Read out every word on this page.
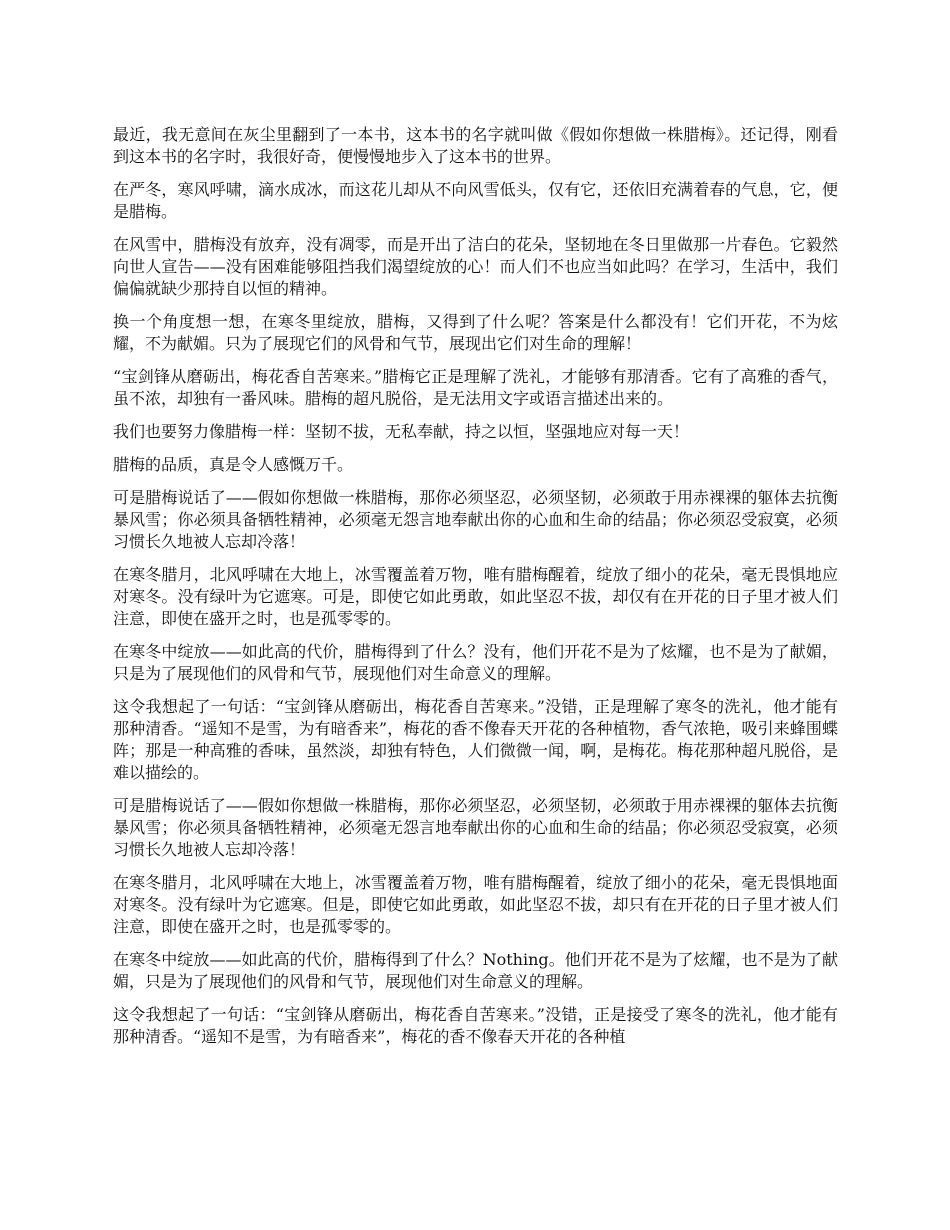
最近，我无意间在灰尘里翻到了一本书，这本书的名字就叫做《假如你想做一株腊梅》。还记得，刚看到这本书的名字时，我很好奇，便慢慢地步入了这本书的世界。

在严冬，寒风呼啸，滴水成冰，而这花儿却从不向风雪低头，仅有它，还依旧充满着春的气息，它，便是腊梅。

在风雪中，腊梅没有放弃，没有凋零，而是开出了洁白的花朵，坚韧地在冬日里做那一片春色。它毅然向世人宣告——没有困难能够阻挡我们渴望绽放的心！而人们不也应当如此吗？在学习，生活中，我们偏偏就缺少那持自以恒的精神。

换一个角度想一想，在寒冬里绽放，腊梅，又得到了什么呢？答案是什么都没有！它们开花，不为炫耀，不为献媚。只为了展现它们的风骨和气节，展现出它们对生命的理解！

“宝剑锋从磨砺出，梅花香自苦寒来。”腊梅它正是理解了洗礼，才能够有那清香。它有了高雅的香气，虽不浓，却独有一番风味。腊梅的超凡脱俗，是无法用文字或语言描述出来的。

我们也要努力像腊梅一样：坚韧不拔，无私奉献，持之以恒，坚强地应对每一天！

腊梅的品质，真是令人感慨万千。

可是腊梅说话了——假如你想做一株腊梅，那你必须坚忍，必须坚韧，必须敢于用赤裸裸的躯体去抗衡暴风雪；你必须具备牺牲精神，必须毫无怨言地奉献出你的心血和生命的结晶；你必须忍受寂寞，必须习惯长久地被人忘却冷落！

在寒冬腊月，北风呼啸在大地上，冰雪覆盖着万物，唯有腊梅醒着，绽放了细小的花朵，毫无畏惧地应对寒冬。没有绿叶为它遮寒。可是，即使它如此勇敢，如此坚忍不拔，却仅有在开花的日子里才被人们注意，即使在盛开之时，也是孤零零的。

在寒冬中绽放——如此高的代价，腊梅得到了什么？没有，他们开花不是为了炫耀，也不是为了献媚，只是为了展现他们的风骨和气节，展现他们对生命意义的理解。

这令我想起了一句话：“宝剑锋从磨砺出，梅花香自苦寒来。”没错，正是理解了寒冬的洗礼，他才能有那种清香。“遥知不是雪，为有暗香来”，梅花的香不像春天开花的各种植物，香气浓艳，吸引来蜂围蝶阵；那是一种高雅的香味，虽然淡，却独有特色，人们微微一闻，啊，是梅花。梅花那种超凡脱俗，是难以描绘的。

可是腊梅说话了——假如你想做一株腊梅，那你必须坚忍，必须坚韧，必须敢于用赤裸裸的躯体去抗衡暴风雪；你必须具备牺牲精神，必须毫无怨言地奉献出你的心血和生命的结晶；你必须忍受寂寞，必须习惯长久地被人忘却冷落！

在寒冬腊月，北风呼啸在大地上，冰雪覆盖着万物，唯有腊梅醒着，绽放了细小的花朵，毫无畏惧地面对寒冬。没有绿叶为它遮寒。但是，即使它如此勇敢，如此坚忍不拔，却只有在开花的日子里才被人们注意，即使在盛开之时，也是孤零零的。

在寒冬中绽放——如此高的代价，腊梅得到了什么？Nothing。他们开花不是为了炫耀，也不是为了献媚，只是为了展现他们的风骨和气节，展现他们对生命意义的理解。

这令我想起了一句话：“宝剑锋从磨砺出，梅花香自苦寒来。”没错，正是接受了寒冬的洗礼，他才能有那种清香。“遥知不是雪，为有暗香来”，梅花的香不像春天开花的各种植
